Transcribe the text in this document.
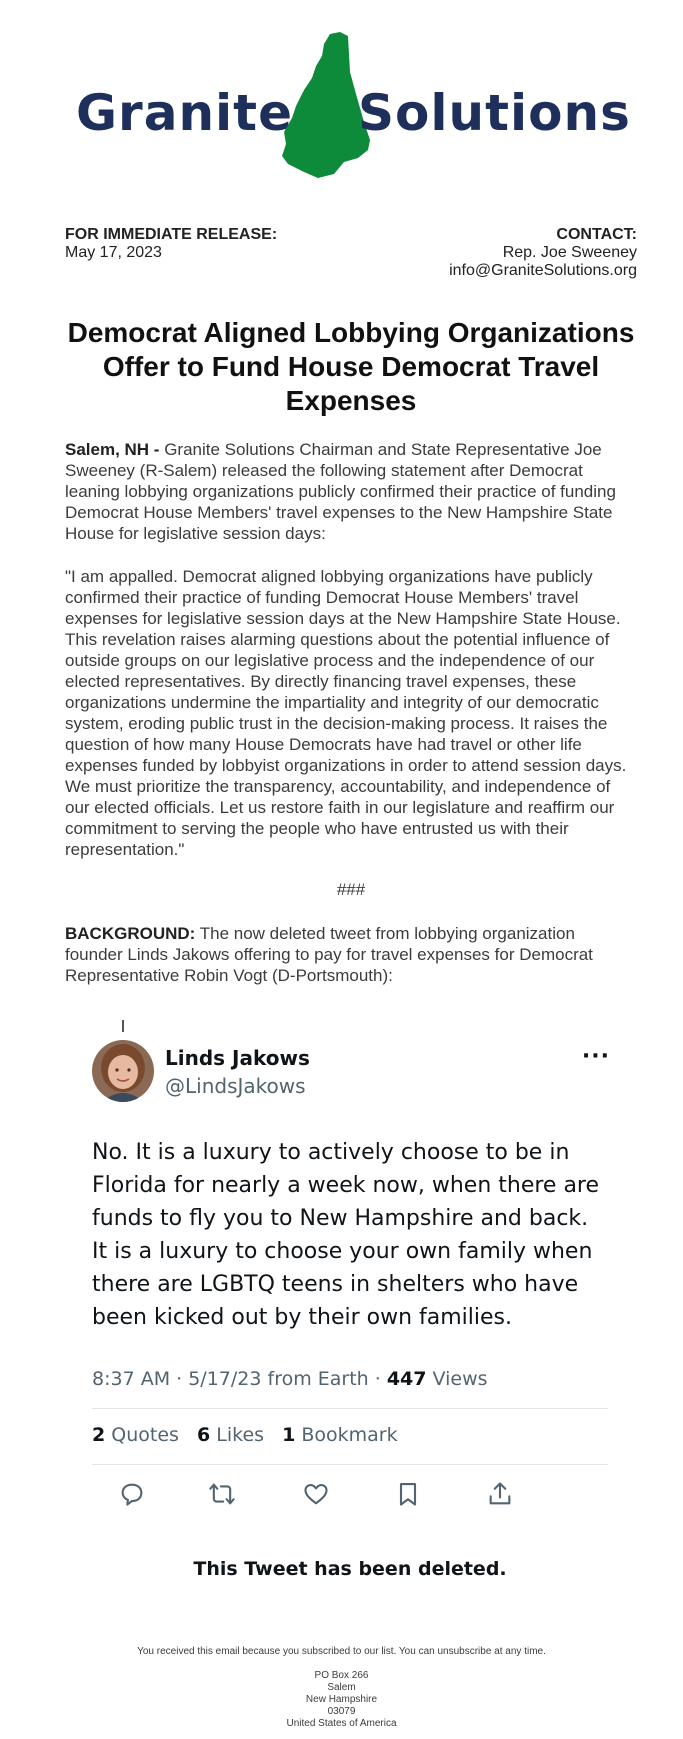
Granite Solutions
FOR IMMEDIATE RELEASE:
May 17, 2023
CONTACT:
Rep. Joe Sweeney
info@GraniteSolutions.org
Democrat Aligned Lobbying Organizations Offer to Fund House Democrat Travel Expenses

Salem, NH - Granite Solutions Chairman and State Representative Joe Sweeney (R-Salem) released the following statement after Democrat leaning lobbying organizations publicly confirmed their practice of funding Democrat House Members' travel expenses to the New Hampshire State House for legislative session days:

"I am appalled. Democrat aligned lobbying organizations have publicly confirmed their practice of funding Democrat House Members' travel expenses for legislative session days at the New Hampshire State House. This revelation raises alarming questions about the potential influence of outside groups on our legislative process and the independence of our elected representatives. By directly financing travel expenses, these organizations undermine the impartiality and integrity of our democratic system, eroding public trust in the decision-making process. It raises the question of how many House Democrats have had travel or other life expenses funded by lobbyist organizations in order to attend session days. We must prioritize the transparency, accountability, and independence of our elected officials. Let us restore faith in our legislature and reaffirm our commitment to serving the people who have entrusted us with their representation."

###

BACKGROUND: The now deleted tweet from lobbying organization founder Linds Jakows offering to pay for travel expenses for Democrat Representative Robin Vogt (D-Portsmouth):

Linds Jakows
@LindsJakows
···
No. It is a luxury to actively choose to be in Florida for nearly a week now, when there are funds to fly you to New Hampshire and back. It is a luxury to choose your own family when there are LGBTQ teens in shelters who have been kicked out by their own families.
8:37 AM · 5/17/23 from Earth · 447 Views
2 Quotes 6 Likes 1 Bookmark
This Tweet has been deleted.
You received this email because you subscribed to our list. You can unsubscribe at any time.
PO Box 266
Salem
New Hampshire
03079
United States of America
